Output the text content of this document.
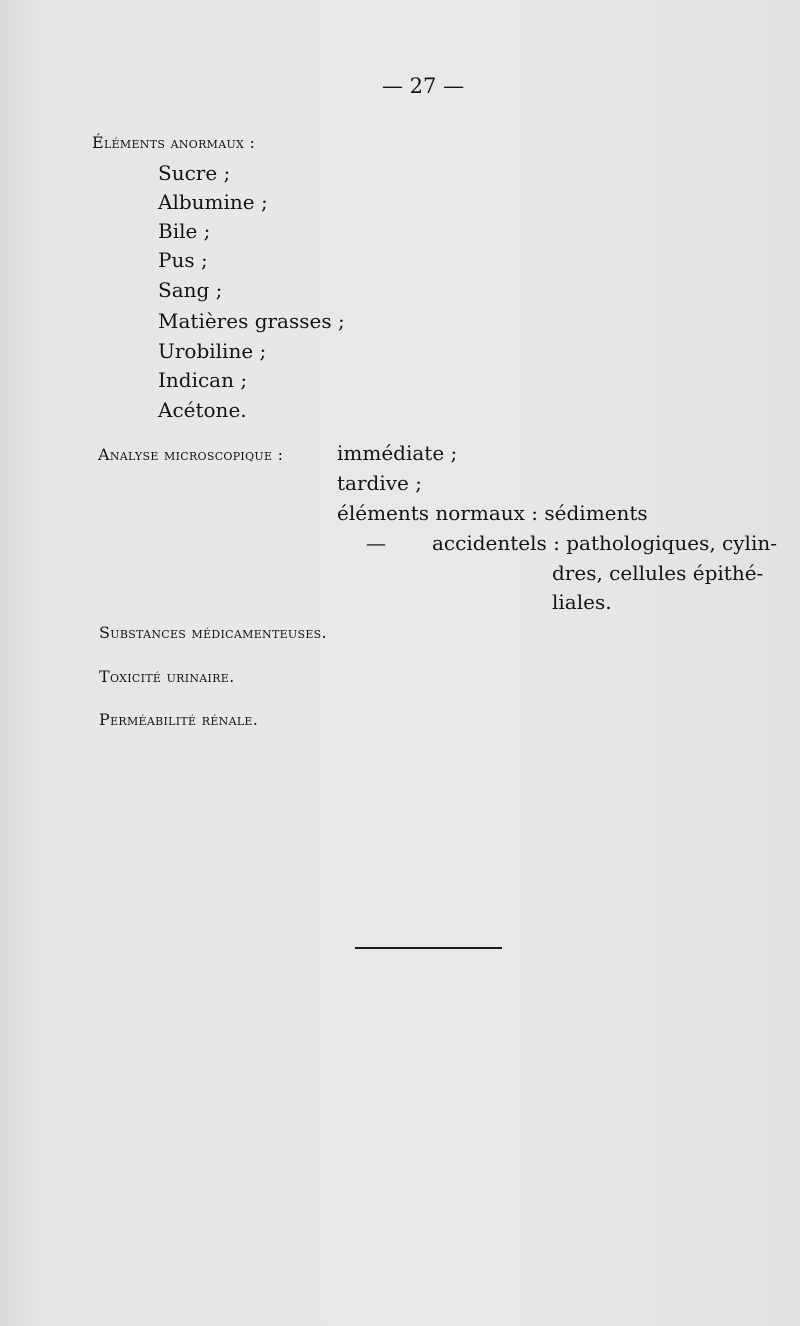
— 27 —
Éléments anormaux :
Sucre ;
Albumine ;
Bile ;
Pus ;
Sang ;
Matières grasses ;
Urobiline ;
Indican ;
Acétone.
Analyse microscopique :	immédiate ;
tardive ;
éléments normaux : sédiments
— accidentels : pathologiques, cylin-
dres, cellules épithé-
liales.
Substances médicamenteuses.
Toxicité urinaire.
Perméabilité rénale.
